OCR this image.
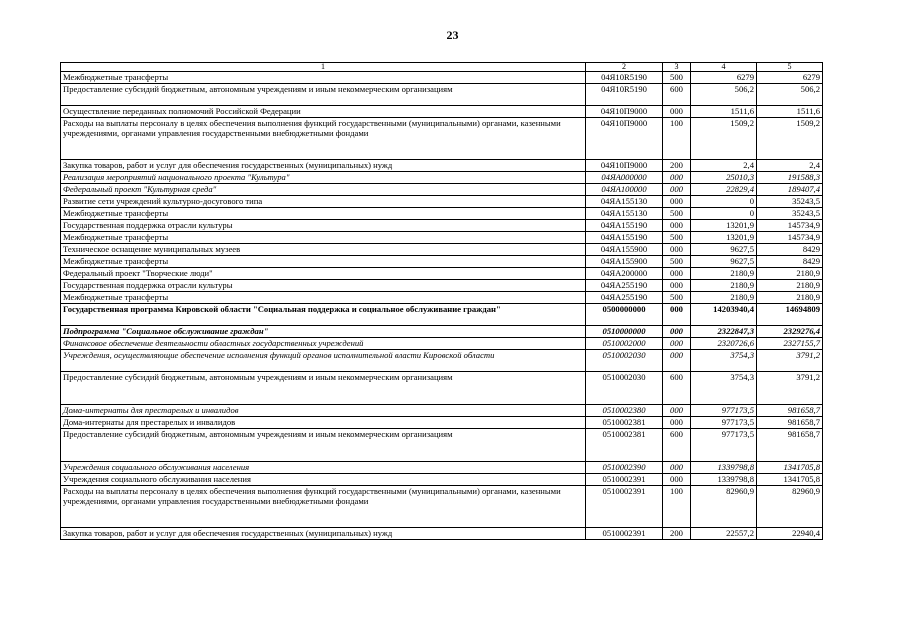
23
1	2	3	4	5
Межбюджетные трансферты	04Я10R5190	500	6279	6279
Предоставление субсидий бюджетным, автономным учреждениям и иным некоммерческим организациям	04Я10R5190	600	506,2	506,2
Осуществление переданных полномочий Российской Федерации	04Я10П9000	000	1511,6	1511,6
Расходы на выплаты персоналу в целях обеспечения выполнения функций государственными (муниципальными) органами, казенными учреждениями, органами управления государственными внебюджетными фондами	04Я10П9000	100	1509,2	1509,2
Закупка товаров, работ и услуг для обеспечения государственных (муниципальных) нужд	04Я10П9000	200	2,4	2,4
Реализация мероприятий национального проекта "Культура"	04ЯА000000	000	25010,3	191588,3
Федеральный проект "Культурная среда"	04ЯА100000	000	22829,4	189407,4
Развитие сети учреждений культурно-досугового типа	04ЯА155130	000	0	35243,5
Межбюджетные трансферты	04ЯА155130	500	0	35243,5
Государственная поддержка отрасли культуры	04ЯА155190	000	13201,9	145734,9
Межбюджетные трансферты	04ЯА155190	500	13201,9	145734,9
Техническое оснащение муниципальных музеев	04ЯА155900	000	9627,5	8429
Межбюджетные трансферты	04ЯА155900	500	9627,5	8429
Федеральный проект "Творческие люди"	04ЯА200000	000	2180,9	2180,9
Государственная поддержка отрасли культуры	04ЯА255190	000	2180,9	2180,9
Межбюджетные трансферты	04ЯА255190	500	2180,9	2180,9
Государственная программа Кировской области "Социальная поддержка и социальное обслуживание граждан"	0500000000	000	14203940,4	14694809
Подпрограмма "Социальное обслуживание граждан"	0510000000	000	2322847,3	2329276,4
Финансовое обеспечение деятельности областных государственных учреждений	0510002000	000	2320726,6	2327155,7
Учреждения, осуществляющие обеспечение исполнения функций органов исполнительной власти Кировской области	0510002030	000	3754,3	3791,2
Предоставление субсидий бюджетным, автономным учреждениям и иным некоммерческим организациям	0510002030	600	3754,3	3791,2
Дома-интернаты для престарелых и инвалидов	0510002380	000	977173,5	981658,7
Дома-интернаты для престарелых и инвалидов	0510002381	000	977173,5	981658,7
Предоставление субсидий бюджетным, автономным учреждениям и иным некоммерческим организациям	0510002381	600	977173,5	981658,7
Учреждения социального обслуживания населения	0510002390	000	1339798,8	1341705,8
Учреждения социального обслуживания населения	0510002391	000	1339798,8	1341705,8
Расходы на выплаты персоналу в целях обеспечения выполнения функций государственными (муниципальными) органами, казенными учреждениями, органами управления государственными внебюджетными фондами	0510002391	100	82960,9	82960,9
Закупка товаров, работ и услуг для обеспечения государственных (муниципальных) нужд	0510002391	200	22557,2	22940,4
